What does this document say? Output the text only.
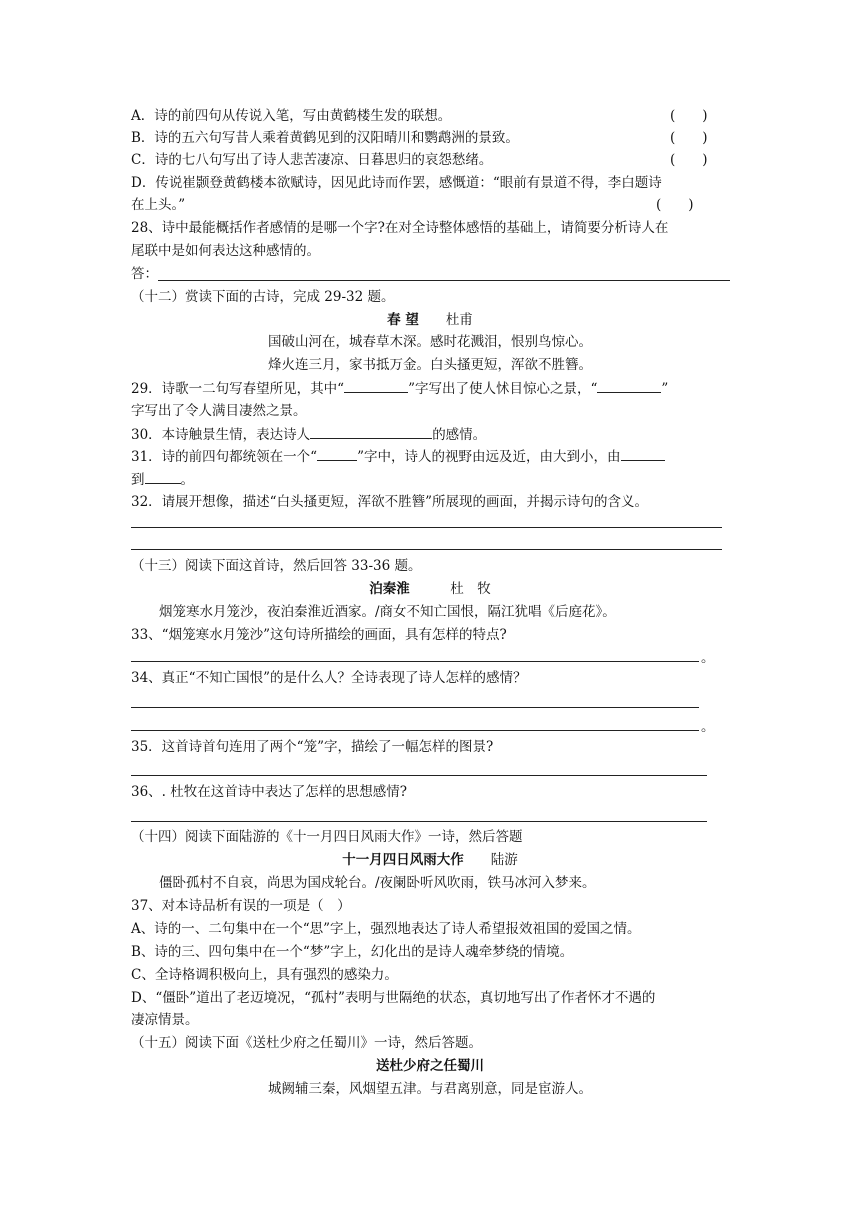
A．诗的前四句从传说入笔，写由黄鹤楼生发的联想。	(　　)
B．诗的五六句写昔人乘着黄鹤见到的汉阳晴川和鹦鹉洲的景致。	(　　)
C．诗的七八句写出了诗人悲苦凄凉、日暮思归的哀怨愁绪。	(　　)
D．传说崔颢登黄鹤楼本欲赋诗，因见此诗而作罢，感慨道：“眼前有景道不得，李白题诗
在上头。”	(　　)
28、诗中最能概括作者感情的是哪一个字?在对全诗整体感悟的基础上，请简要分析诗人在
尾联中是如何表达这种感情的。
答：
（十二）赏读下面的古诗，完成 29-32 题。
春 望　　 杜甫
国破山河在，城春草木深。感时花溅泪，恨别鸟惊心。
烽火连三月，家书抵万金。白头搔更短，浑欲不胜簪。
29．诗歌一二句写春望所见，其中“	”字写出了使人怵目惊心之景，“	”
字写出了令人满目凄然之景。
30．本诗触景生情，表达诗人	的感情。
31．诗的前四句都统领在一个“	”字中，诗人的视野由远及近，由大到小，由
到	。
32．请展开想像，描述“白头搔更短，浑欲不胜簪”所展现的画面，并揭示诗句的含义。
（十三）阅读下面这首诗，然后回答 33-36 题。
泊秦淮　　　	杜　牧
烟笼寒水月笼沙，夜泊秦淮近酒家。/商女不知亡国恨，隔江犹唱《后庭花》。
33、“烟笼寒水月笼沙”这句诗所描绘的画面，具有怎样的特点?
。
34、真正“不知亡国恨”的是什么人？全诗表现了诗人怎样的感情？
。
35．这首诗首句连用了两个“笼”字，描绘了一幅怎样的图景?
36、. 杜牧在这首诗中表达了怎样的思想感情?
（十四）阅读下面陆游的《十一月四日风雨大作》一诗，然后答题
十一月四日风雨大作　　 陆游
僵卧孤村不自哀，尚思为国戍轮台。/夜阑卧听风吹雨，铁马冰河入梦来。
37、对本诗品析有误的一项是（　）
A、诗的一、二句集中在一个“思”字上，强烈地表达了诗人希望报效祖国的爱国之情。
B、诗的三、四句集中在一个“梦”字上，幻化出的是诗人魂牵梦绕的情境。
C、全诗格调积极向上，具有强烈的感染力。
D、“僵卧”道出了老迈境况，“孤村”表明与世隔绝的状态，真切地写出了作者怀才不遇的
凄凉情景。
（十五）阅读下面《送杜少府之任蜀川》一诗，然后答题。
送杜少府之任蜀川
城阙辅三秦，风烟望五津。与君离别意，同是宦游人。
